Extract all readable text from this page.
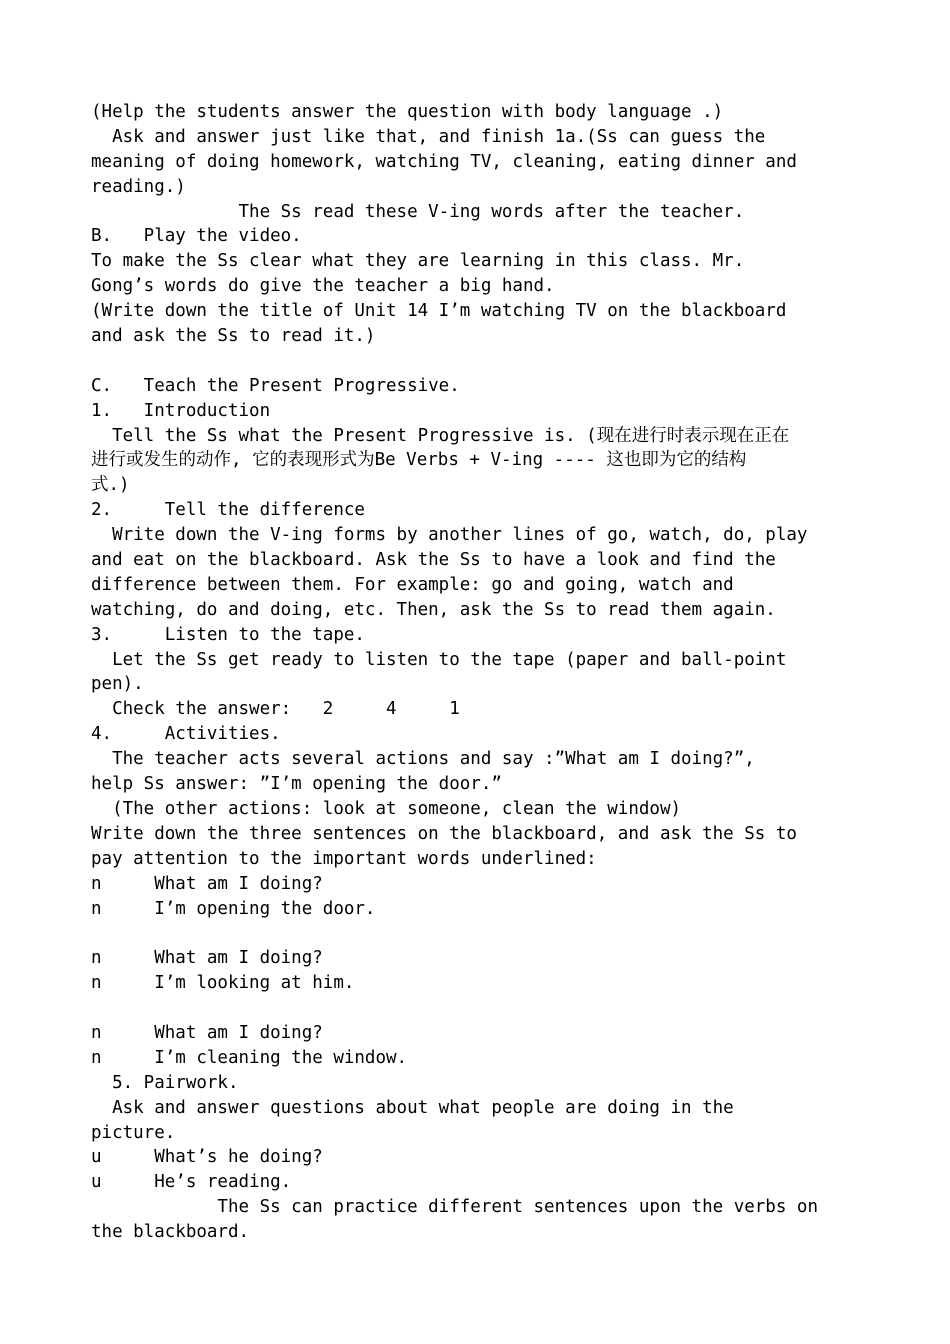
(Help the students answer the question with body language .)
Ask and answer just like that, and finish 1a.(Ss can guess the
meaning of doing homework, watching TV, cleaning, eating dinner and
reading.)
The Ss read these V-ing words after the teacher.
B.   Play the video.
To make the Ss clear what they are learning in this class. Mr.
Gong’s words do give the teacher a big hand.
(Write down the title of Unit 14 I’m watching TV on the blackboard
and ask the Ss to read it.)
C.   Teach the Present Progressive.
1.   Introduction
Tell the Ss what the Present Progressive is. (现在进行时表示现在正在
进行或发生的动作, 它的表现形式为Be Verbs + V-ing ---- 这也即为它的结构
式.)
2.     Tell the difference
Write down the V-ing forms by another lines of go, watch, do, play
and eat on the blackboard. Ask the Ss to have a look and find the
difference between them. For example: go and going, watch and
watching, do and doing, etc. Then, ask the Ss to read them again.
3.     Listen to the tape.
Let the Ss get ready to listen to the tape (paper and ball-point
pen).
Check the answer:   2     4     1
4.     Activities.
The teacher acts several actions and say :”What am I doing?”,
help Ss answer: ”I’m opening the door.”
(The other actions: look at someone, clean the window)
Write down the three sentences on the blackboard, and ask the Ss to
pay attention to the important words underlined:
n     What am I doing?
n     I’m opening the door.
n     What am I doing?
n     I’m looking at him.
n     What am I doing?
n     I’m cleaning the window.
5. Pairwork.
Ask and answer questions about what people are doing in the
picture.
u     What’s he doing?
u     He’s reading.
The Ss can practice different sentences upon the verbs on
the blackboard.
